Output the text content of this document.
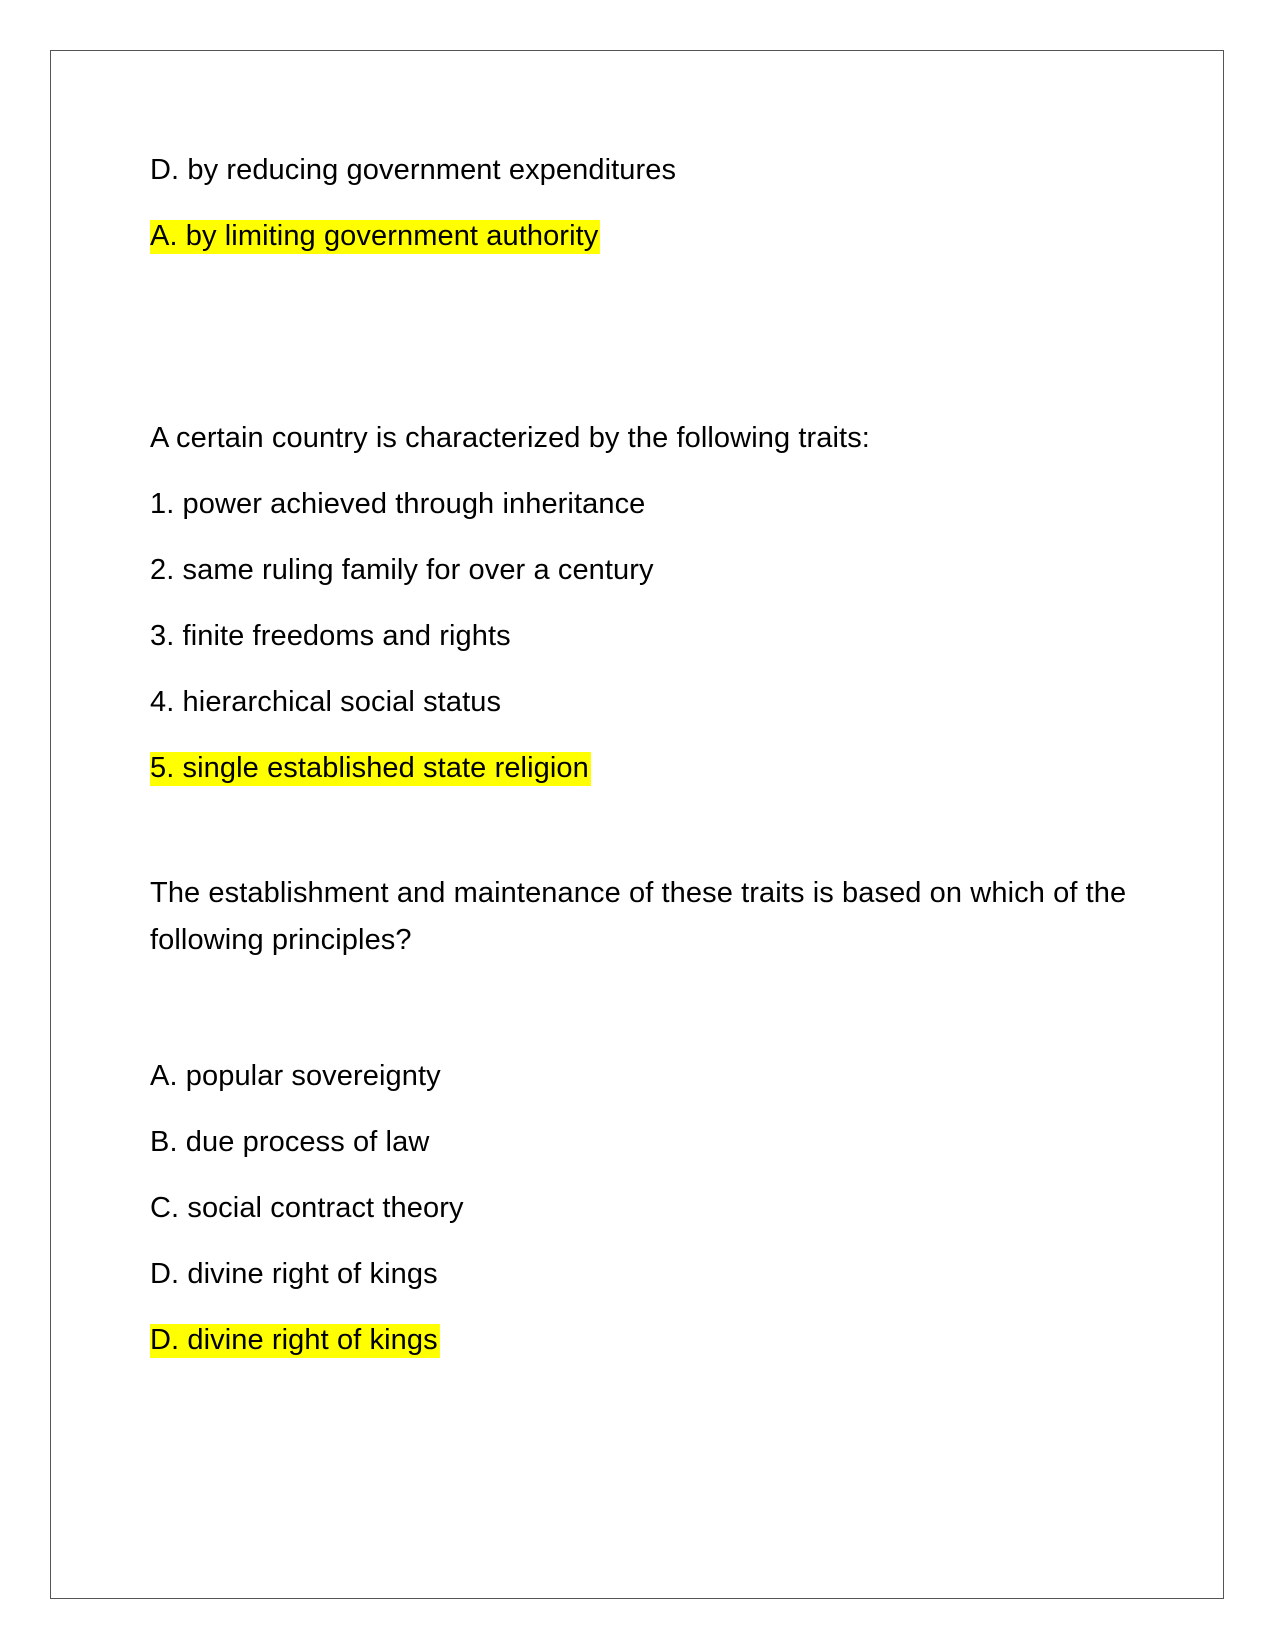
D. by reducing government expenditures

A. by limiting government authority

A certain country is characterized by the following traits:

1. power achieved through inheritance

2. same ruling family for over a century

3. finite freedoms and rights

4. hierarchical social status

5. single established state religion

The establishment and maintenance of these traits is based on which of the following principles?

A. popular sovereignty

B. due process of law

C. social contract theory

D. divine right of kings

D. divine right of kings
